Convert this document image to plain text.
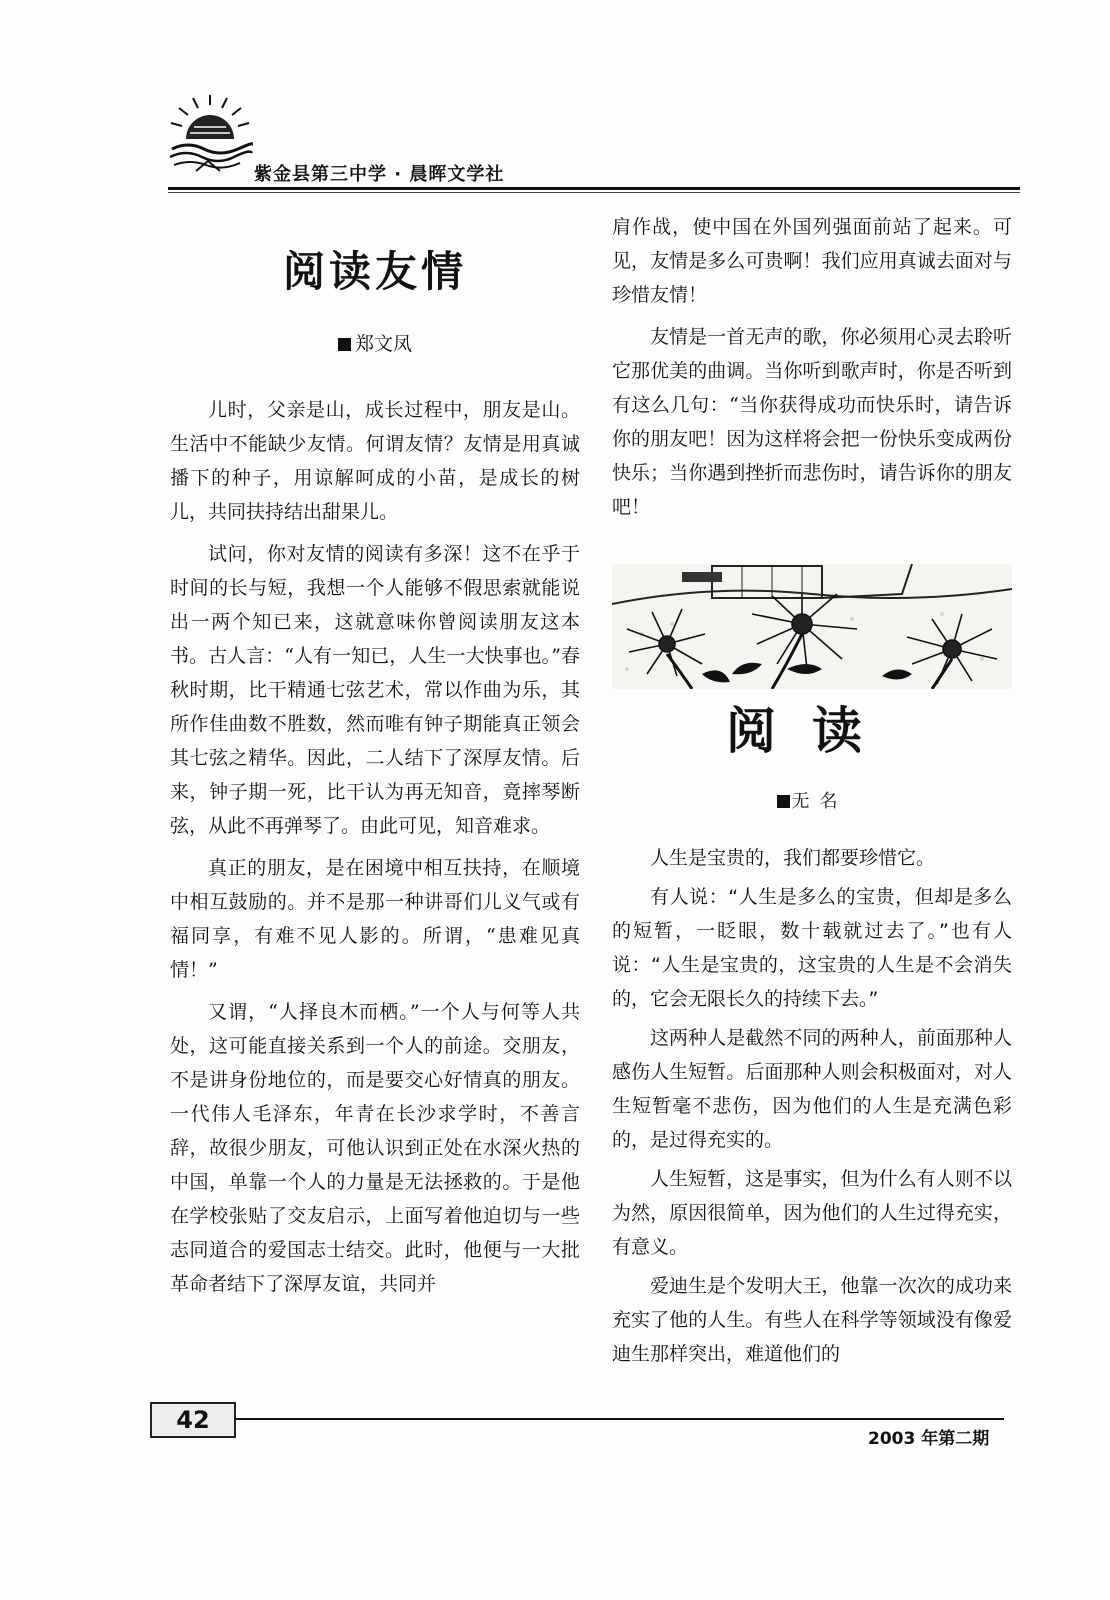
紫金县第三中学 · 晨晖文学社
阅读友情
郑文凤

儿时，父亲是山，成长过程中，朋友是山。生活中不能缺少友情。何谓友情？友情是用真诚播下的种子，用谅解呵成的小苗，是成长的树儿，共同扶持结出甜果儿。

试问，你对友情的阅读有多深！这不在乎于时间的长与短，我想一个人能够不假思索就能说出一两个知已来，这就意味你曾阅读朋友这本书。古人言：“人有一知已，人生一大快事也。”春秋时期，比干精通七弦艺术，常以作曲为乐，其所作佳曲数不胜数，然而唯有钟子期能真正领会其七弦之精华。因此，二人结下了深厚友情。后来，钟子期一死，比干认为再无知音，竟摔琴断弦，从此不再弹琴了。由此可见，知音难求。

真正的朋友，是在困境中相互扶持，在顺境中相互鼓励的。并不是那一种讲哥们儿义气或有福同享，有难不见人影的。所谓，“患难见真情！”

又谓，“人择良木而栖。”一个人与何等人共处，这可能直接关系到一个人的前途。交朋友，不是讲身份地位的，而是要交心好情真的朋友。一代伟人毛泽东，年青在长沙求学时，不善言辞，故很少朋友，可他认识到正处在水深火热的中国，单靠一个人的力量是无法拯救的。于是他在学校张贴了交友启示，上面写着他迫切与一些志同道合的爱国志士结交。此时，他便与一大批革命者结下了深厚友谊，共同并

肩作战，使中国在外国列强面前站了起来。可见，友情是多么可贵啊！我们应用真诚去面对与珍惜友情！

友情是一首无声的歌，你必须用心灵去聆听它那优美的曲调。当你听到歌声时，你是否听到有这么几句：“当你获得成功而快乐时，请告诉你的朋友吧！因为这样将会把一份快乐变成两份快乐；当你遇到挫折而悲伤时，请告诉你的朋友吧！

阅读
无名

人生是宝贵的，我们都要珍惜它。

有人说：“人生是多么的宝贵，但却是多么的短暂，一眨眼，数十载就过去了。”也有人说：“人生是宝贵的，这宝贵的人生是不会消失的，它会无限长久的持续下去。”

这两种人是截然不同的两种人，前面那种人感伤人生短暂。后面那种人则会积极面对，对人生短暂毫不悲伤，因为他们的人生是充满色彩的，是过得充实的。

人生短暂，这是事实，但为什么有人则不以为然，原因很简单，因为他们的人生过得充实，有意义。

爱迪生是个发明大王，他靠一次次的成功来充实了他的人生。有些人在科学等领域没有像爱迪生那样突出，难道他们的

42
2003 年第二期
